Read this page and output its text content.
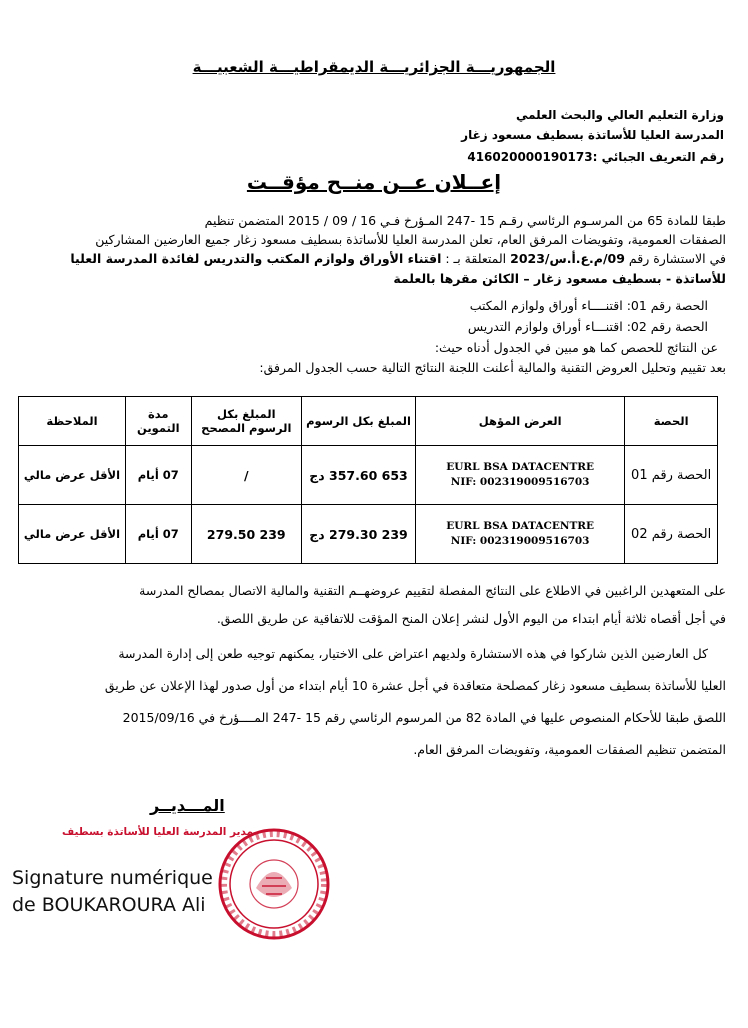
الجمهوريـــة الجزائريـــة الديمقراطيـــة الشعبيـــة
وزارة التعليم العالي والبحث العلمي
المدرسة العليا للأساتذة بسطيف مسعود زغار
رقم التعريف الجبائي :416020000190173
إعــلان عــن منــح مؤقــت
طبقا للمادة 65 من المرسـوم الرئاسي رقـم 15 -247 المـؤرخ فـي 16 / 09 / 2015 المتضمن تنظيم
الصفقات العمومية، وتفويضات المرفق العام، تعلن المدرسة العليا للأساتذة بسطيف مسعود زغار جميع العارضين المشاركين
في الاستشارة رقم 09/م.ع.أ.س/2023 المتعلقة بـ : اقتناء الأوراق ولوازم المكتب والتدريس لفائدة المدرسة العليا
للأساتذة - بسطيف مسعود زغار – الكائن مقرها بالعلمة
الحصة رقم 01: اقتنــــاء أوراق ولوازم المكتب
الحصة رقم 02: اقتنـــاء أوراق ولوازم التدريس
عن النتائج للحصص كما هو مبين في الجدول أدناه حيث:
بعد تقييم وتحليل العروض التقنية والمالية أعلنت اللجنة النتائج التالية حسب الجدول المرفق:
الحصة	العرض المؤهل	المبلغ بكل الرسوم	المبلغ بكل الرسوم المصحح	مدة التموين	الملاحظة
الحصة رقم 01	EURL BSA DATACENTRE
NIF: 002319009516703	653 357.60 دج	/	07 أيام	الأقل عرض مالي
الحصة رقم 02	EURL BSA DATACENTRE
NIF: 002319009516703	239 279.30 دج	239 279.50	07 أيام	الأقل عرض مالي
على المتعهدين الراغبين في الاطلاع على النتائج المفصلة لتقييم عروضهــم التقنية والمالية الاتصال بمصالح المدرسة
في أجل أقصاه ثلاثة أيام ابتداء من اليوم الأول لنشر إعلان المنح المؤقت للاتفاقية عن طريق اللصق.
كل العارضين الذين شاركوا في هذه الاستشارة ولديهم اعتراض على الاختيار، يمكنهم توجيه طعن إلى إدارة المدرسة
العليا للأساتذة بسطيف مسعود زغار كمصلحة متعاقدة في أجل عشرة 10 أيام ابتداء من أول صدور لهذا الإعلان عن طريق
اللصق طبقا للأحكام المنصوص عليها في المادة 82 من المرسوم الرئاسي رقم 15 -247 المــــؤرخ في 2015/09/16
المتضمن تنظيم الصفقات العمومية، وتفويضات المرفق العام.
المـــديــر
مدير المدرسة العليا للأساتذة بسطيف
Signature numérique
de BOUKAROURA Ali
